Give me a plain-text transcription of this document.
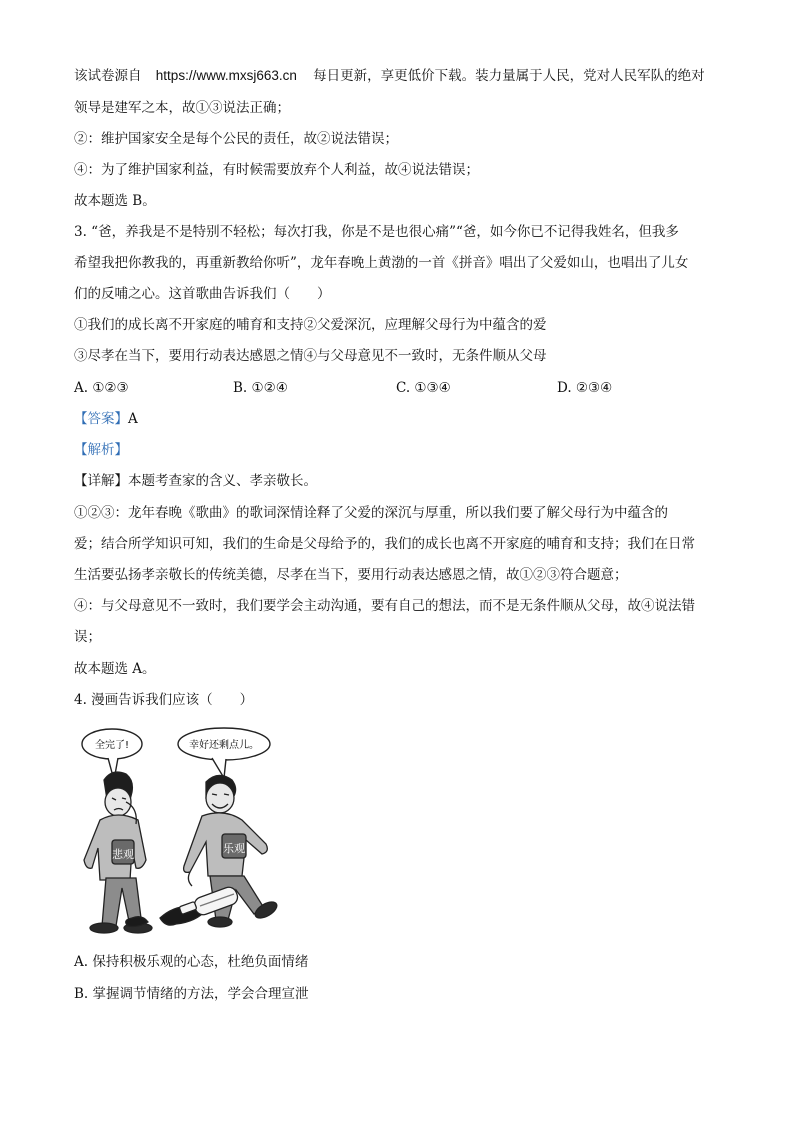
该试卷源自 https://www.mxsj663.cn 每日更新，享更低价下载。装力量属于人民，党对人民军队的绝对
领导是建军之本，故①③说法正确；
②：维护国家安全是每个公民的责任，故②说法错误；
④：为了维护国家利益，有时候需要放弃个人利益，故④说法错误；
故本题选 B。
3. “爸，养我是不是特别不轻松；每次打我，你是不是也很心痛”“爸，如今你已不记得我姓名，但我多
希望我把你教我的，再重新教给你听”，龙年春晚上黄渤的一首《拼音》唱出了父爱如山，也唱出了儿女
们的反哺之心。这首歌曲告诉我们（　　）
①我们的成长离不开家庭的哺育和支持②父爱深沉，应理解父母行为中蕴含的爱
③尽孝在当下，要用行动表达感恩之情④与父母意见不一致时，无条件顺从父母
A. ①②③	B. ①②④	C. ①③④	D. ②③④
【答案】A
【解析】
【详解】本题考查家的含义、孝亲敬长。
①②③：龙年春晚《歌曲》的歌词深情诠释了父爱的深沉与厚重，所以我们要了解父母行为中蕴含的
爱；结合所学知识可知，我们的生命是父母给予的，我们的成长也离不开家庭的哺育和支持；我们在日常
生活要弘扬孝亲敬长的传统美德，尽孝在当下，要用行动表达感恩之情，故①②③符合题意；
④：与父母意见不一致时，我们要学会主动沟通，要有自己的想法，而不是无条件顺从父母，故④说法错
误；
故本题选 A。
4. 漫画告诉我们应该（　　）
全完了!	幸好还剩点儿。
悲观	乐观
A. 保持积极乐观的心态，杜绝负面情绪
B. 掌握调节情绪的方法，学会合理宣泄
